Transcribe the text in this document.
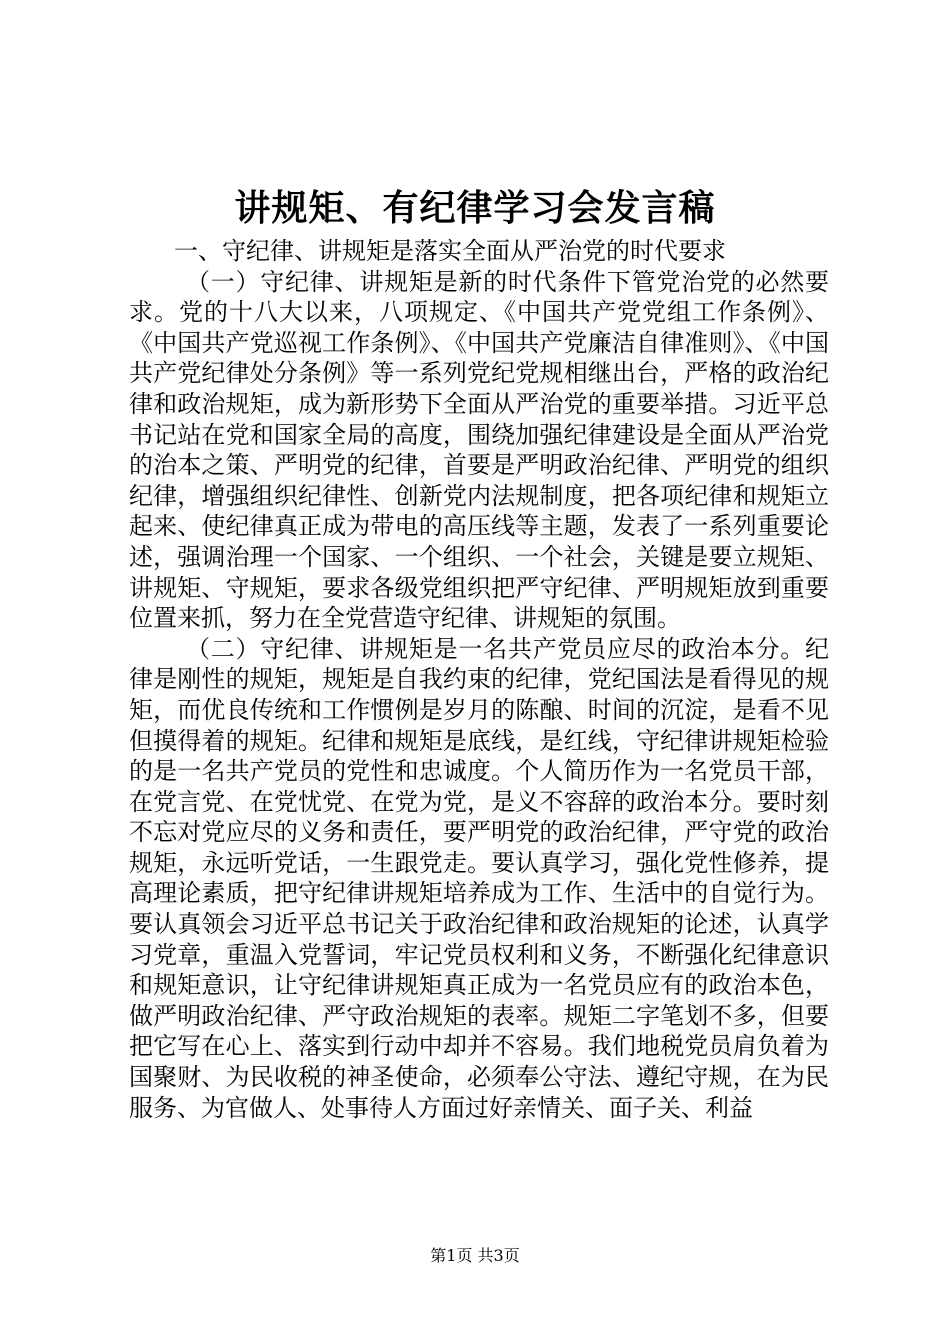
讲规矩、有纪律学习会发言稿

一、守纪律、讲规矩是落实全面从严治党的时代要求

（一）守纪律、讲规矩是新的时代条件下管党治党的必然要求。党的十八大以来，八项规定、《中国共产党党组工作条例》、《中国共产党巡视工作条例》、《中国共产党廉洁自律准则》、《中国共产党纪律处分条例》等一系列党纪党规相继出台，严格的政治纪律和政治规矩，成为新形势下全面从严治党的重要举措。习近平总书记站在党和国家全局的高度，围绕加强纪律建设是全面从严治党的治本之策、严明党的纪律，首要是严明政治纪律、严明党的组织纪律，增强组织纪律性、创新党内法规制度，把各项纪律和规矩立起来、使纪律真正成为带电的高压线等主题，发表了一系列重要论述，强调治理一个国家、一个组织、一个社会，关键是要立规矩、讲规矩、守规矩，要求各级党组织把严守纪律、严明规矩放到重要位置来抓，努力在全党营造守纪律、讲规矩的氛围。

（二）守纪律、讲规矩是一名共产党员应尽的政治本分。纪律是刚性的规矩，规矩是自我约束的纪律，党纪国法是看得见的规矩，而优良传统和工作惯例是岁月的陈酿、时间的沉淀，是看不见但摸得着的规矩。纪律和规矩是底线，是红线，守纪律讲规矩检验的是一名共产党员的党性和忠诚度。个人简历作为一名党员干部，在党言党、在党忧党、在党为党，是义不容辞的政治本分。要时刻不忘对党应尽的义务和责任，要严明党的政治纪律，严守党的政治规矩，永远听党话，一生跟党走。要认真学习，强化党性修养，提高理论素质，把守纪律讲规矩培养成为工作、生活中的自觉行为。要认真领会习近平总书记关于政治纪律和政治规矩的论述，认真学习党章，重温入党誓词，牢记党员权利和义务，不断强化纪律意识和规矩意识，让守纪律讲规矩真正成为一名党员应有的政治本色，做严明政治纪律、严守政治规矩的表率。规矩二字笔划不多，但要把它写在心上、落实到行动中却并不容易。我们地税党员肩负着为国聚财、为民收税的神圣使命，必须奉公守法、遵纪守规，在为民服务、为官做人、处事待人方面过好亲情关、面子关、利益

第1页 共3页
